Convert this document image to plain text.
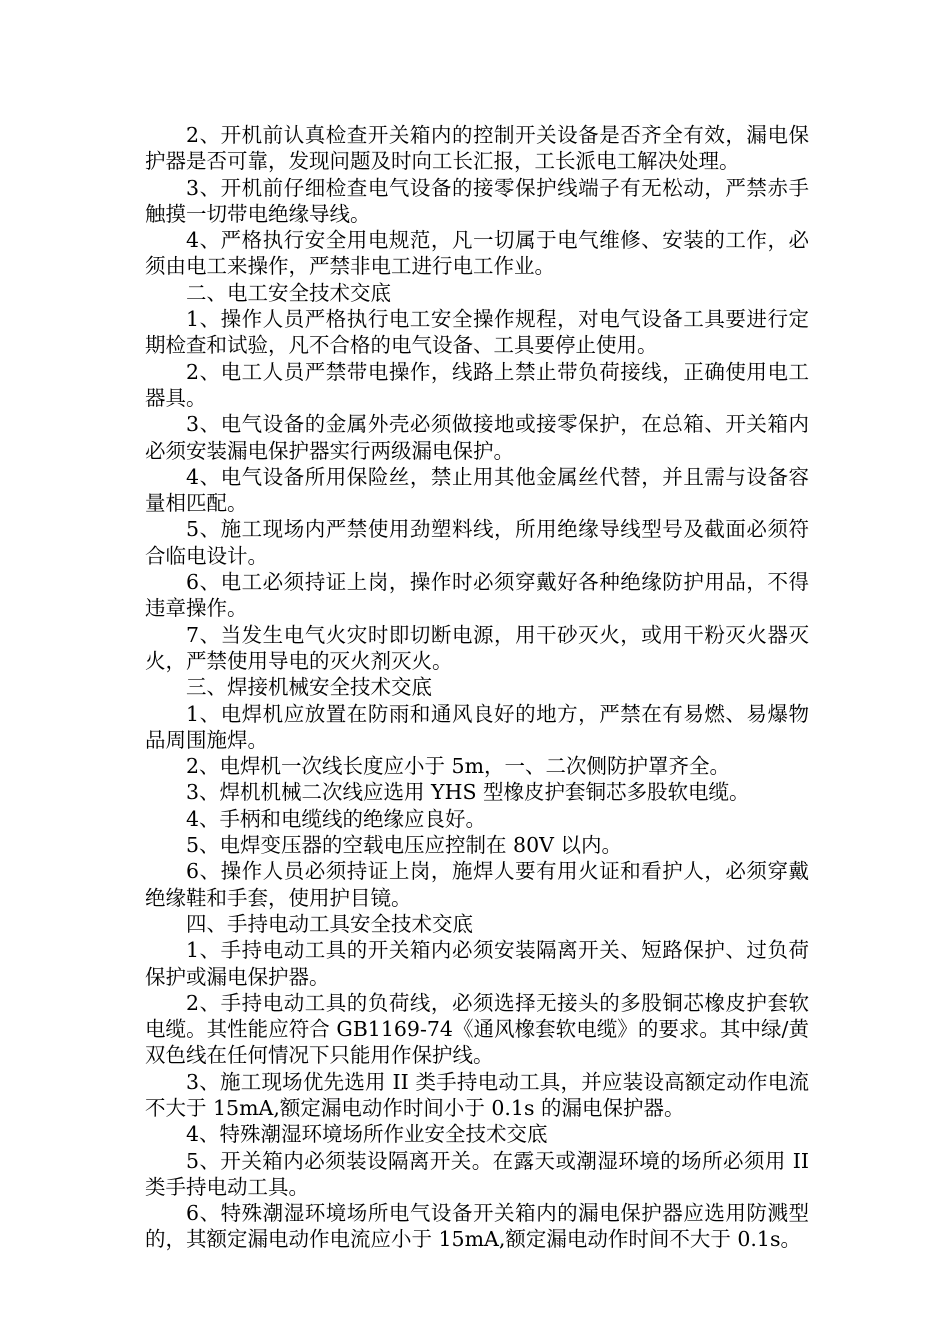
2、开机前认真检查开关箱内的控制开关设备是否齐全有效，漏电保护器是否可靠，发现问题及时向工长汇报，工长派电工解决处理。

3、开机前仔细检查电气设备的接零保护线端子有无松动，严禁赤手触摸一切带电绝缘导线。

4、严格执行安全用电规范，凡一切属于电气维修、安装的工作，必须由电工来操作，严禁非电工进行电工作业。

二、电工安全技术交底

1、操作人员严格执行电工安全操作规程，对电气设备工具要进行定期检查和试验，凡不合格的电气设备、工具要停止使用。

2、电工人员严禁带电操作，线路上禁止带负荷接线，正确使用电工器具。

3、电气设备的金属外壳必须做接地或接零保护，在总箱、开关箱内必须安装漏电保护器实行两级漏电保护。

4、电气设备所用保险丝，禁止用其他金属丝代替，并且需与设备容量相匹配。

5、施工现场内严禁使用劲塑料线，所用绝缘导线型号及截面必须符合临电设计。

6、电工必须持证上岗，操作时必须穿戴好各种绝缘防护用品，不得违章操作。

7、当发生电气火灾时即切断电源，用干砂灭火，或用干粉灭火器灭火，严禁使用导电的灭火剂灭火。

三、焊接机械安全技术交底

1、电焊机应放置在防雨和通风良好的地方，严禁在有易燃、易爆物品周围施焊。

2、电焊机一次线长度应小于 5m，一、二次侧防护罩齐全。

3、焊机机械二次线应选用 YHS 型橡皮护套铜芯多股软电缆。

4、手柄和电缆线的绝缘应良好。

5、电焊变压器的空载电压应控制在 80V 以内。

6、操作人员必须持证上岗，施焊人要有用火证和看护人，必须穿戴绝缘鞋和手套，使用护目镜。

四、手持电动工具安全技术交底

1、手持电动工具的开关箱内必须安装隔离开关、短路保护、过负荷保护或漏电保护器。

2、手持电动工具的负荷线，必须选择无接头的多股铜芯橡皮护套软电缆。其性能应符合 GB1169-74《通风橡套软电缆》的要求。其中绿/黄双色线在任何情况下只能用作保护线。

3、施工现场优先选用 II 类手持电动工具，并应装设高额定动作电流不大于 15mA,额定漏电动作时间小于 0.1s 的漏电保护器。

4、特殊潮湿环境场所作业安全技术交底

5、开关箱内必须装设隔离开关。在露天或潮湿环境的场所必须用 II 类手持电动工具。

6、特殊潮湿环境场所电气设备开关箱内的漏电保护器应选用防溅型的，其额定漏电动作电流应小于 15mA,额定漏电动作时间不大于 0.1s。
